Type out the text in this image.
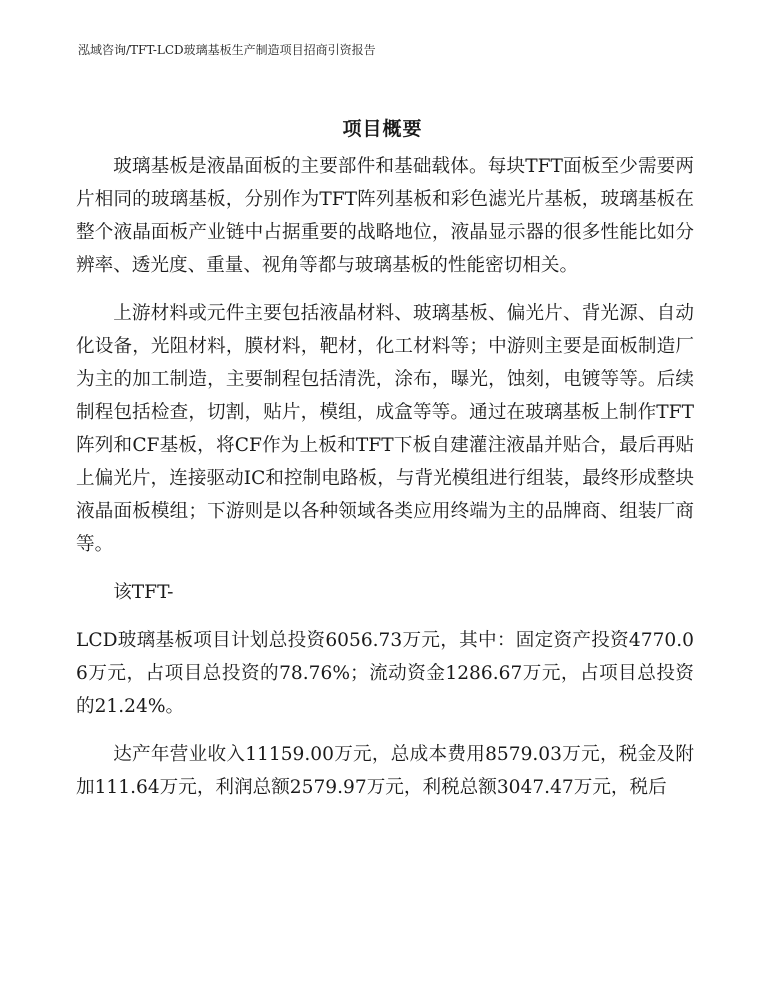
泓域咨询/TFT-LCD玻璃基板生产制造项目招商引资报告
项目概要

玻璃基板是液晶面板的主要部件和基础载体。每块TFT面板至少需要两片相同的玻璃基板，分别作为TFT阵列基板和彩色滤光片基板，玻璃基板在整个液晶面板产业链中占据重要的战略地位，液晶显示器的很多性能比如分辨率、透光度、重量、视角等都与玻璃基板的性能密切相关。

上游材料或元件主要包括液晶材料、玻璃基板、偏光片、背光源、自动化设备，光阻材料，膜材料，靶材，化工材料等；中游则主要是面板制造厂为主的加工制造，主要制程包括清洗，涂布，曝光，蚀刻，电镀等等。后续制程包括检查，切割，贴片，模组，成盒等等。通过在玻璃基板上制作TFT阵列和CF基板，将CF作为上板和TFT下板自建灌注液晶并贴合，最后再贴上偏光片，连接驱动IC和控制电路板，与背光模组进行组装，最终形成整块液晶面板模组；下游则是以各种领域各类应用终端为主的品牌商、组装厂商等。

该TFT-

LCD玻璃基板项目计划总投资6056.73万元，其中：固定资产投资4770.06万元，占项目总投资的78.76%；流动资金1286.67万元，占项目总投资的21.24%。

达产年营业收入11159.00万元，总成本费用8579.03万元，税金及附加111.64万元，利润总额2579.97万元，利税总额3047.47万元，税后
